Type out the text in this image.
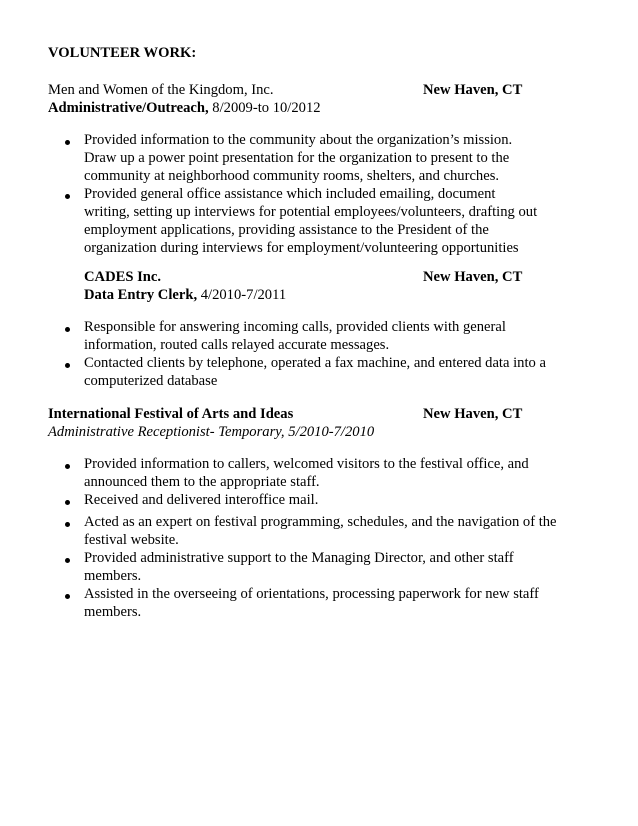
VOLUNTEER WORK:
Men and Women of the Kingdom, Inc.	New Haven, CT
Administrative/Outreach, 8/2009-to 10/2012
Provided information to the community about the organization’s mission.
Draw up a power point presentation for the organization to present to the
community at neighborhood community rooms, shelters, and churches.
Provided general office assistance which included emailing, document
writing, setting up interviews for potential employees/volunteers, drafting out
employment applications, providing assistance to the President of the
organization during interviews for employment/volunteering opportunities
CADES Inc.	New Haven, CT
Data Entry Clerk, 4/2010-7/2011
Responsible for answering incoming calls, provided clients with general
information, routed calls relayed accurate messages.
Contacted clients by telephone, operated a fax machine, and entered data into a
computerized database
International Festival of Arts and Ideas	New Haven, CT
Administrative Receptionist- Temporary, 5/2010-7/2010
Provided information to callers, welcomed visitors to the festival office, and
announced them to the appropriate staff.
Received and delivered interoffice mail.
Acted as an expert on festival programming, schedules, and the navigation of the
festival website.
Provided administrative support to the Managing Director, and other staff
members.
Assisted in the overseeing of orientations, processing paperwork for new staff
members.
